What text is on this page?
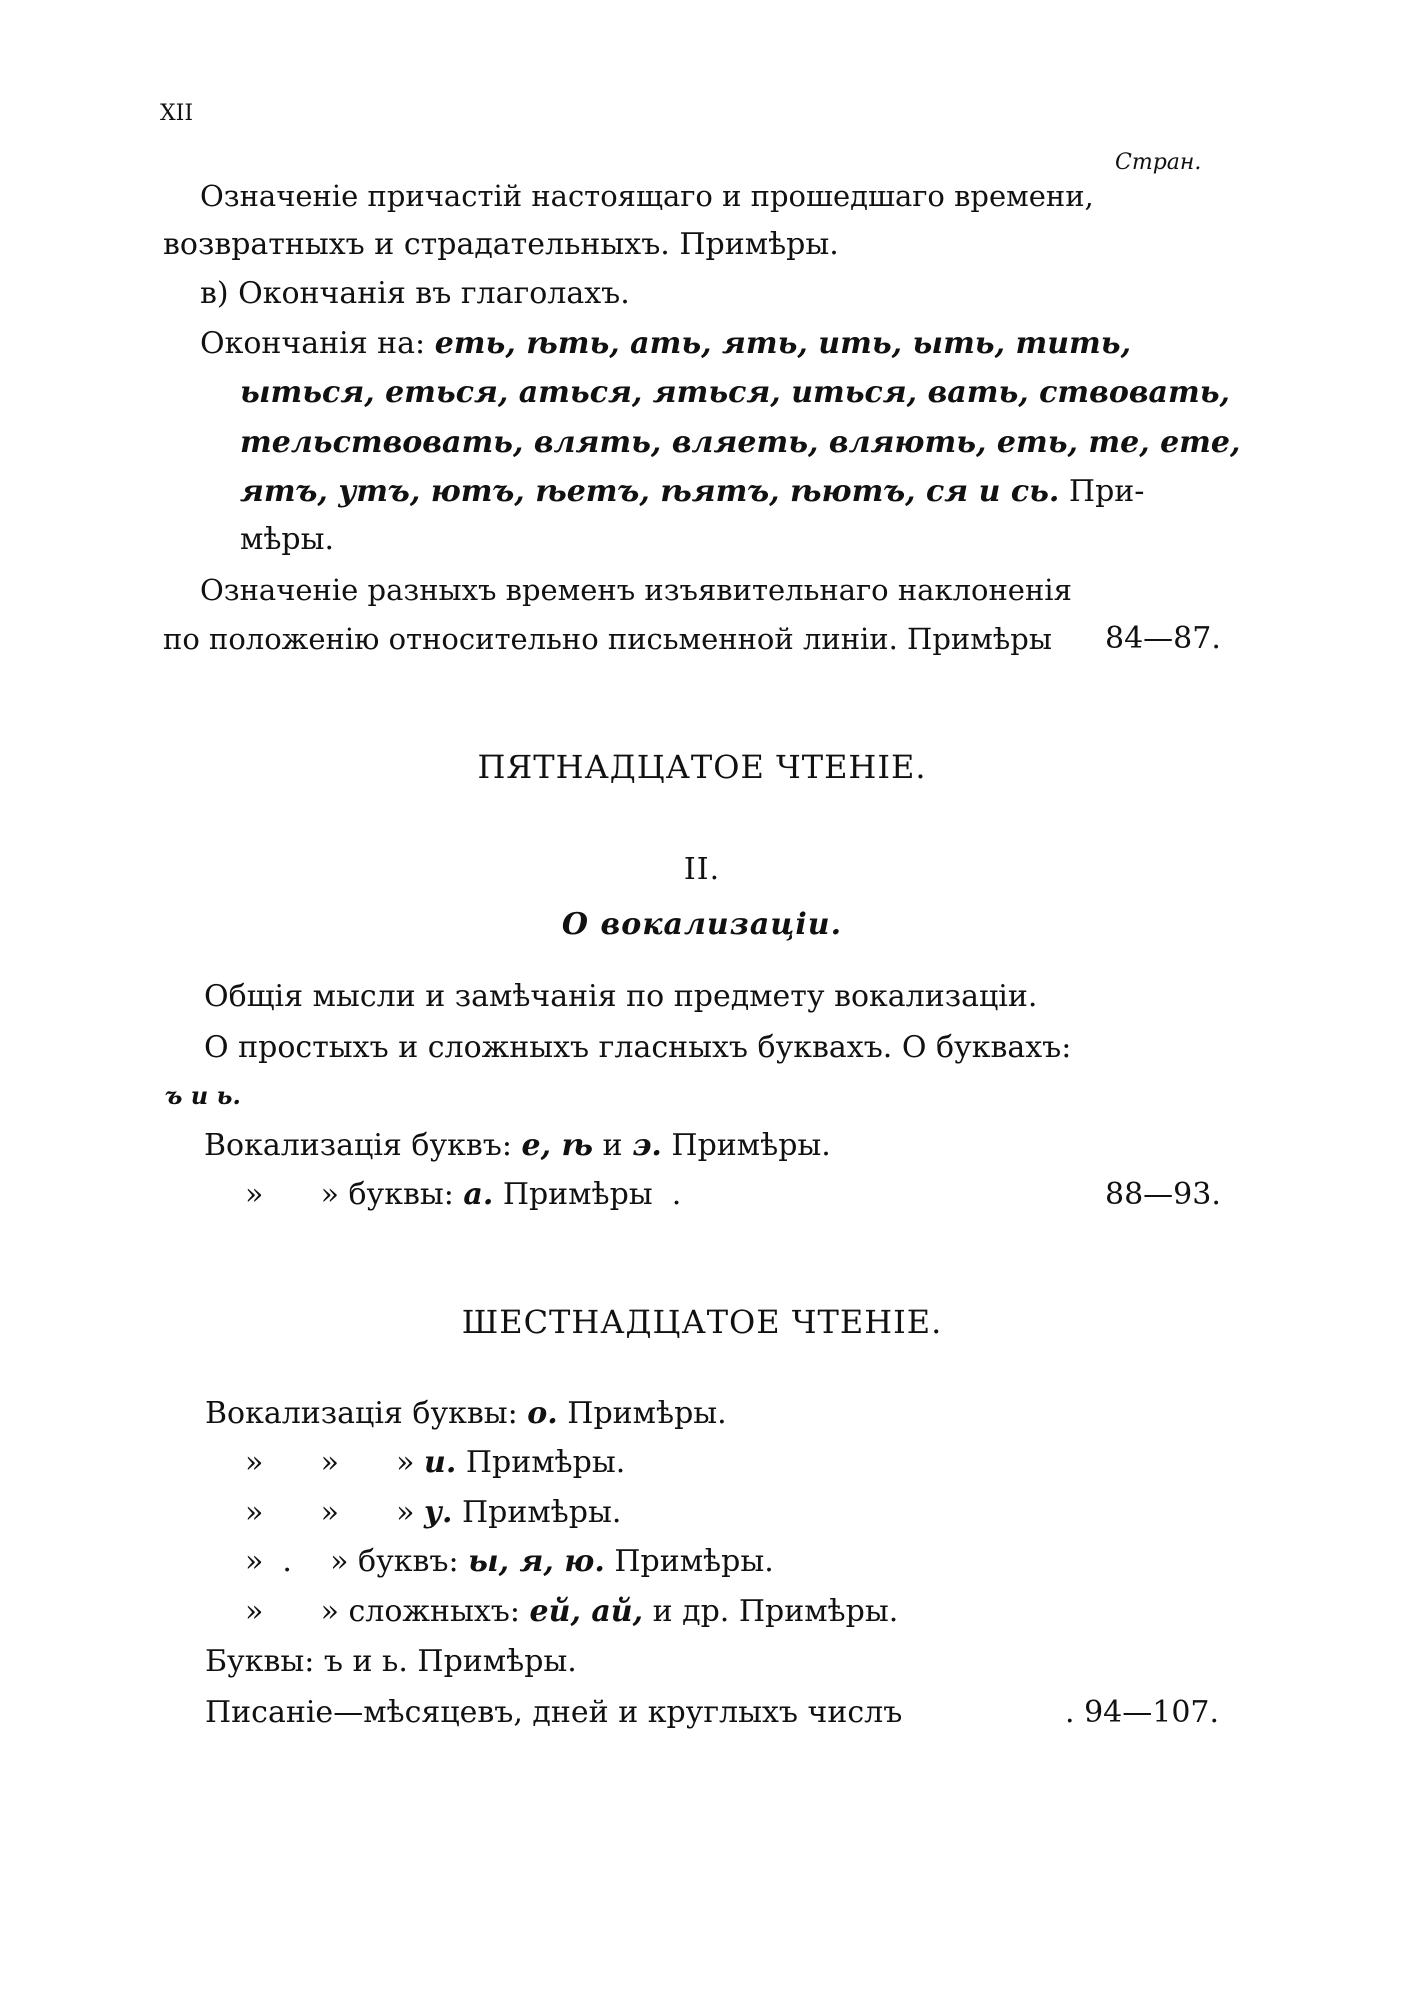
XII
Стран.
Означеніе причастій настоящаго и прошедшаго времени,
возвратныхъ и страдательныхъ. Примѣры.
в) Окончанія въ глаголахъ.
Окончанія на: еть, ѣть, ать, ять, ить, ыть, тить,
ыться, еться, аться, яться, иться, вать, ствовать,
тельствовать, влять, вляеть, вляють, еть, те, ете,
ятъ, утъ, ютъ, ѣетъ, ѣятъ, ѣютъ, ся и сь. При-
мѣры.
Означеніе разныхъ временъ изъявительнаго наклоненія
по положенію относительно письменной линіи. Примѣры 84—87.
ПЯТНАДЦАТОЕ ЧТЕНІЕ.
II.
О вокализаціи.
Общія мысли и замѣчанія по предмету вокализаціи.
О простыхъ и сложныхъ гласныхъ буквахъ. О буквахъ:
ъ и ь.
Вокализація буквъ: е, ѣ и э. Примѣры.
»      » буквы: а. Примѣры  .	88—93.
ШЕСТНАДЦАТОЕ ЧТЕНІЕ.
Вокализація буквы: о. Примѣры.
»      »      » и. Примѣры.
»      »      » у. Примѣры.
»  .    » буквъ: ы, я, ю. Примѣры.
»      » сложныхъ: ей, ай, и др. Примѣры.
Буквы: ъ и ь. Примѣры.
Писаніе—мѣсяцевъ, дней и круглыхъ числъ	. 94—107.
